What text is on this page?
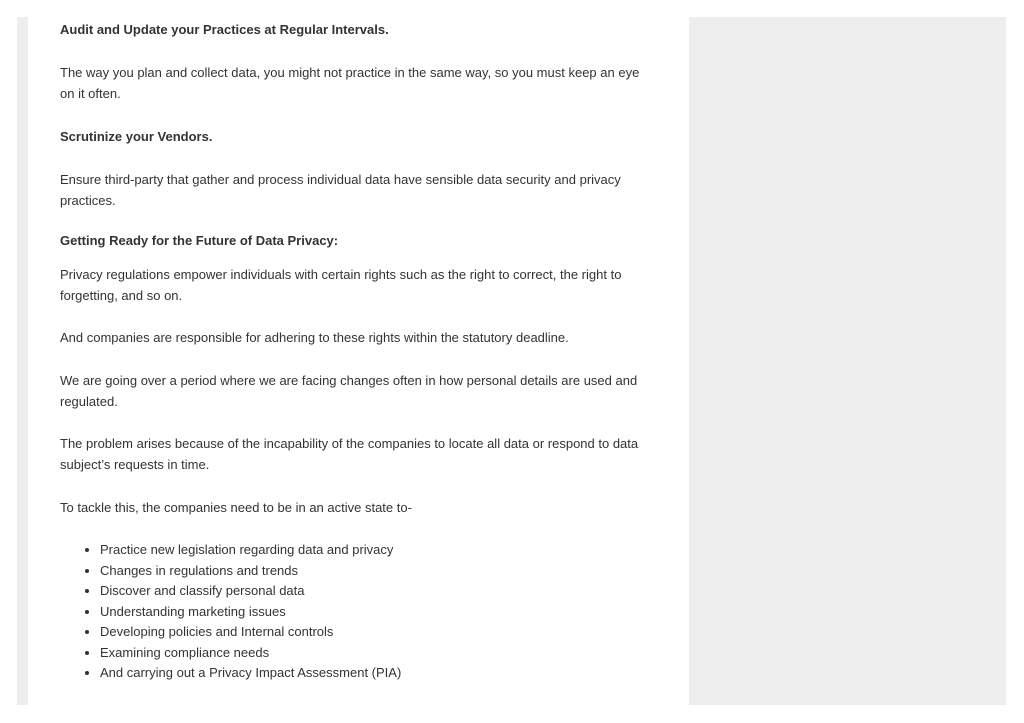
Audit and Update your Practices at Regular Intervals.

The way you plan and collect data, you might not practice in the same way, so you must keep an eye on it often.

Scrutinize your Vendors.

Ensure third-party that gather and process individual data have sensible data security and privacy practices.

Getting Ready for the Future of Data Privacy:

Privacy regulations empower individuals with certain rights such as the right to correct, the right to forgetting, and so on.

And companies are responsible for adhering to these rights within the statutory deadline.

We are going over a period where we are facing changes often in how personal details are used and regulated.

The problem arises because of the incapability of the companies to locate all data or respond to data subject’s requests in time.

To tackle this, the companies need to be in an active state to-

• Practice new legislation regarding data and privacy
• Changes in regulations and trends
• Discover and classify personal data
• Understanding marketing issues
• Developing policies and Internal controls
• Examining compliance needs
• And carrying out a Privacy Impact Assessment (PIA)
